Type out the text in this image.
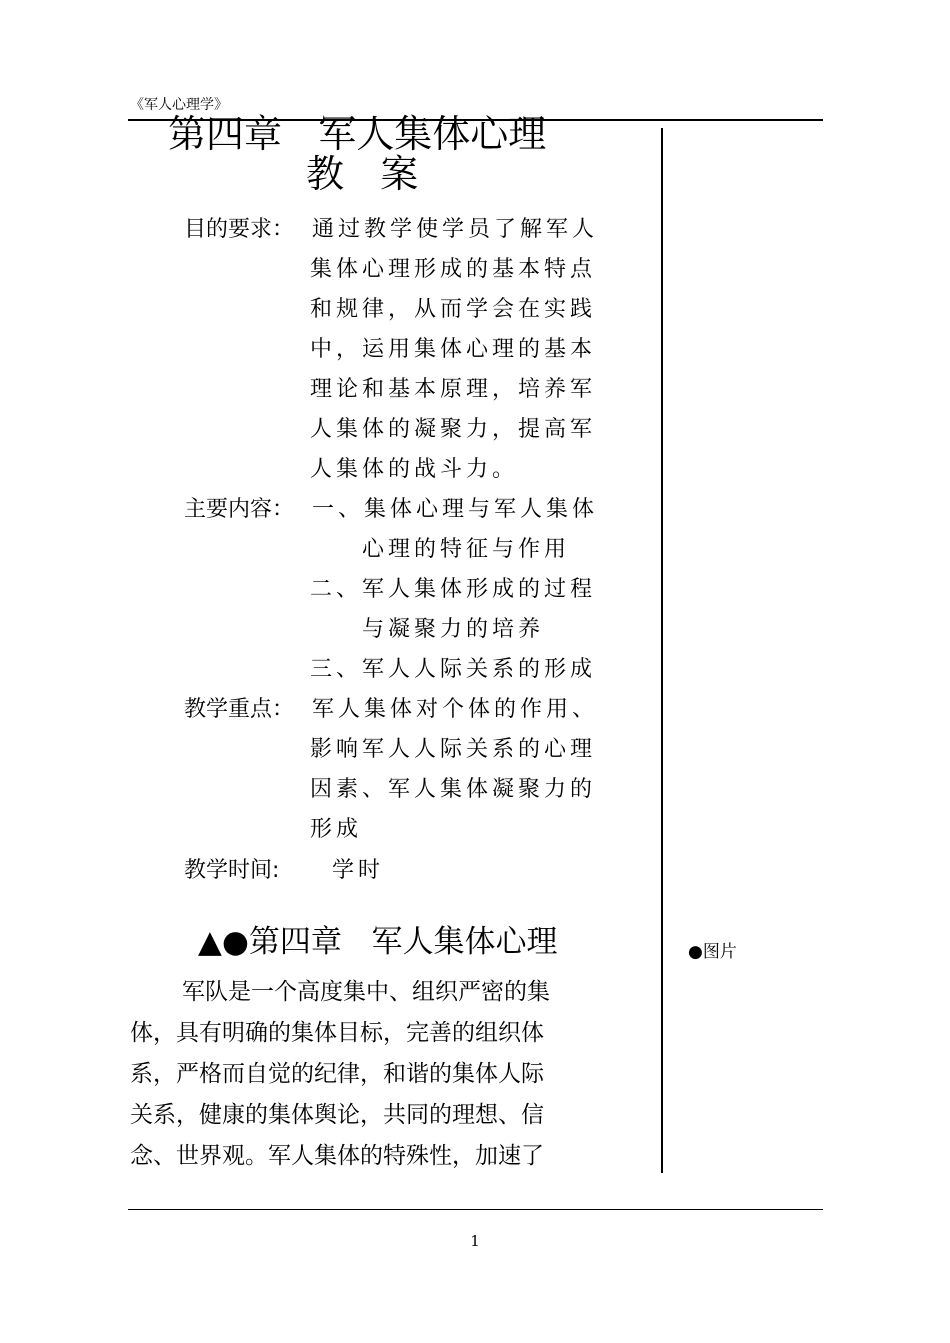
《军人心理学》
第四章   军人集体心理
教   案
目的要求： 通过教学使学员了解军人
集体心理形成的基本特点
和规律，从而学会在实践
中，运用集体心理的基本
理论和基本原理，培养军
人集体的凝聚力，提高军
人集体的战斗力。
主要内容： 一、集体心理与军人集体
心理的特征与作用
二、军人集体形成的过程
与凝聚力的培养
三、军人人际关系的形成
教学重点： 军人集体对个体的作用、
影响军人人际关系的心理
因素、军人集体凝聚力的
形成
教学时间: 学时
▲●第四章   军人集体心理
军队是一个高度集中、组织严密的集
体，具有明确的集体目标，完善的组织体
系，严格而自觉的纪律，和谐的集体人际
关系，健康的集体舆论，共同的理想、信
念、世界观。军人集体的特殊性，加速了
●图片
1
